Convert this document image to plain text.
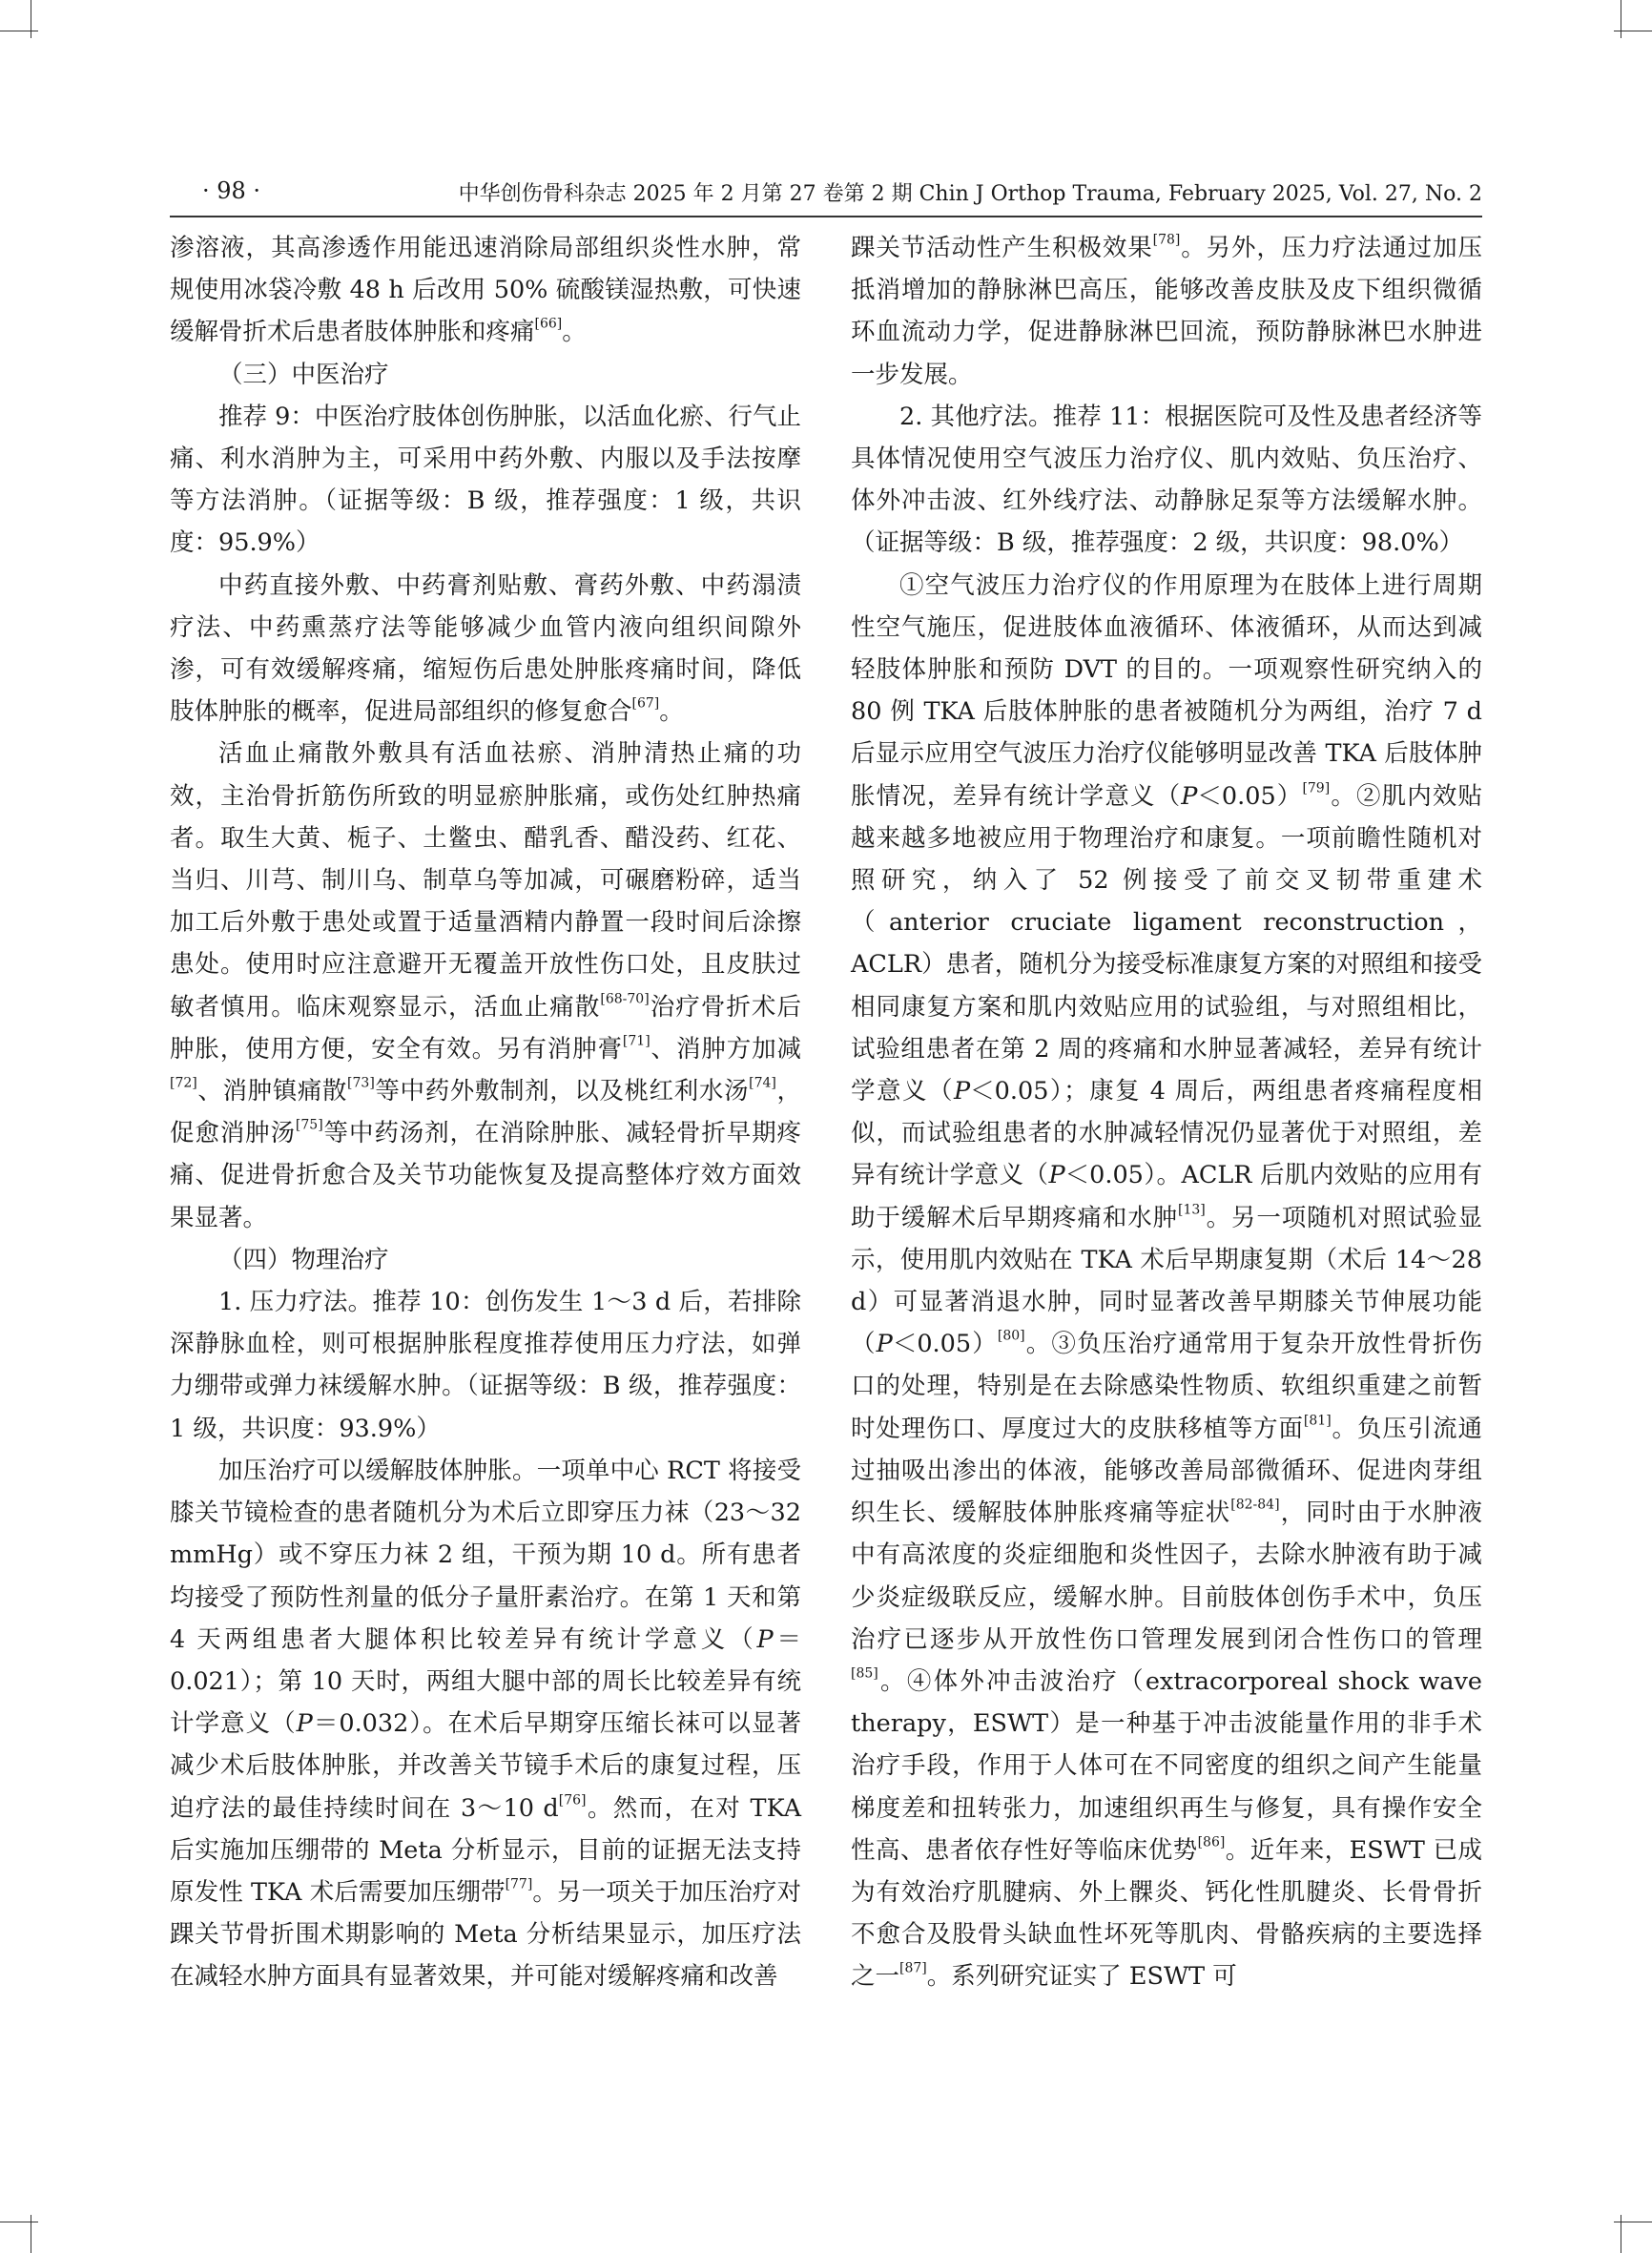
· 98 ·	中华创伤骨科杂志 2025 年 2 月第 27 卷第 2 期 Chin J Orthop Trauma, February 2025, Vol. 27, No. 2

渗溶液，其高渗透作用能迅速消除局部组织炎性水肿，常规使用冰袋冷敷 48 h 后改用 50% 硫酸镁湿热敷，可快速缓解骨折术后患者肢体肿胀和疼痛[66]。

（三）中医治疗

推荐 9：中医治疗肢体创伤肿胀，以活血化瘀、行气止痛、利水消肿为主，可采用中药外敷、内服以及手法按摩等方法消肿。（证据等级：B 级，推荐强度：1 级，共识度：95.9%）

中药直接外敷、中药膏剂贴敷、膏药外敷、中药溻渍疗法、中药熏蒸疗法等能够减少血管内液向组织间隙外渗，可有效缓解疼痛，缩短伤后患处肿胀疼痛时间，降低肢体肿胀的概率，促进局部组织的修复愈合[67]。

活血止痛散外敷具有活血祛瘀、消肿清热止痛的功效，主治骨折筋伤所致的明显瘀肿胀痛，或伤处红肿热痛者。取生大黄、栀子、土鳖虫、醋乳香、醋没药、红花、当归、川芎、制川乌、制草乌等加减，可碾磨粉碎，适当加工后外敷于患处或置于适量酒精内静置一段时间后涂擦患处。使用时应注意避开无覆盖开放性伤口处，且皮肤过敏者慎用。临床观察显示，活血止痛散[68-70]治疗骨折术后肿胀，使用方便，安全有效。另有消肿膏[71]、消肿方加减[72]、消肿镇痛散[73]等中药外敷制剂，以及桃红利水汤[74]，促愈消肿汤[75]等中药汤剂，在消除肿胀、减轻骨折早期疼痛、促进骨折愈合及关节功能恢复及提高整体疗效方面效果显著。

（四）物理治疗

1. 压力疗法。推荐 10：创伤发生 1～3 d 后，若排除深静脉血栓，则可根据肿胀程度推荐使用压力疗法，如弹力绷带或弹力袜缓解水肿。（证据等级：B 级，推荐强度：1 级，共识度：93.9%）

加压治疗可以缓解肢体肿胀。一项单中心 RCT 将接受膝关节镜检查的患者随机分为术后立即穿压力袜（23～32 mmHg）或不穿压力袜 2 组，干预为期 10 d。所有患者均接受了预防性剂量的低分子量肝素治疗。在第 1 天和第 4 天两组患者大腿体积比较差异有统计学意义（P＝0.021）；第 10 天时，两组大腿中部的周长比较差异有统计学意义（P＝0.032）。在术后早期穿压缩长袜可以显著减少术后肢体肿胀，并改善关节镜手术后的康复过程，压迫疗法的最佳持续时间在 3～10 d[76]。然而，在对 TKA 后实施加压绷带的 Meta 分析显示，目前的证据无法支持原发性 TKA 术后需要加压绷带[77]。另一项关于加压治疗对踝关节骨折围术期影响的 Meta 分析结果显示，加压疗法在减轻水肿方面具有显著效果，并可能对缓解疼痛和改善

踝关节活动性产生积极效果[78]。另外，压力疗法通过加压抵消增加的静脉淋巴高压，能够改善皮肤及皮下组织微循环血流动力学，促进静脉淋巴回流，预防静脉淋巴水肿进一步发展。

2. 其他疗法。推荐 11：根据医院可及性及患者经济等具体情况使用空气波压力治疗仪、肌内效贴、负压治疗、体外冲击波、红外线疗法、动静脉足泵等方法缓解水肿。（证据等级：B 级，推荐强度：2 级，共识度：98.0%）

①空气波压力治疗仪的作用原理为在肢体上进行周期性空气施压，促进肢体血液循环、体液循环，从而达到减轻肢体肿胀和预防 DVT 的目的。一项观察性研究纳入的 80 例 TKA 后肢体肿胀的患者被随机分为两组，治疗 7 d 后显示应用空气波压力治疗仪能够明显改善 TKA 后肢体肿胀情况，差异有统计学意义（P＜0.05）[79]。②肌内效贴越来越多地被应用于物理治疗和康复。一项前瞻性随机对照研究，纳入了 52 例接受了前交叉韧带重建术（anterior cruciate ligament reconstruction，ACLR）患者，随机分为接受标准康复方案的对照组和接受相同康复方案和肌内效贴应用的试验组，与对照组相比，试验组患者在第 2 周的疼痛和水肿显著减轻，差异有统计学意义（P＜0.05）；康复 4 周后，两组患者疼痛程度相似，而试验组患者的水肿减轻情况仍显著优于对照组，差异有统计学意义（P＜0.05）。ACLR 后肌内效贴的应用有助于缓解术后早期疼痛和水肿[13]。另一项随机对照试验显示，使用肌内效贴在 TKA 术后早期康复期（术后 14～28 d）可显著消退水肿，同时显著改善早期膝关节伸展功能（P＜0.05）[80]。③负压治疗通常用于复杂开放性骨折伤口的处理，特别是在去除感染性物质、软组织重建之前暂时处理伤口、厚度过大的皮肤移植等方面[81]。负压引流通过抽吸出渗出的体液，能够改善局部微循环、促进肉芽组织生长、缓解肢体肿胀疼痛等症状[82-84]，同时由于水肿液中有高浓度的炎症细胞和炎性因子，去除水肿液有助于减少炎症级联反应，缓解水肿。目前肢体创伤手术中，负压治疗已逐步从开放性伤口管理发展到闭合性伤口的管理[85]。④体外冲击波治疗（extracorporeal shock wave therapy，ESWT）是一种基于冲击波能量作用的非手术治疗手段，作用于人体可在不同密度的组织之间产生能量梯度差和扭转张力，加速组织再生与修复，具有操作安全性高、患者依存性好等临床优势[86]。近年来，ESWT 已成为有效治疗肌腱病、外上髁炎、钙化性肌腱炎、长骨骨折不愈合及股骨头缺血性坏死等肌肉、骨骼疾病的主要选择之一[87]。系列研究证实了 ESWT 可
